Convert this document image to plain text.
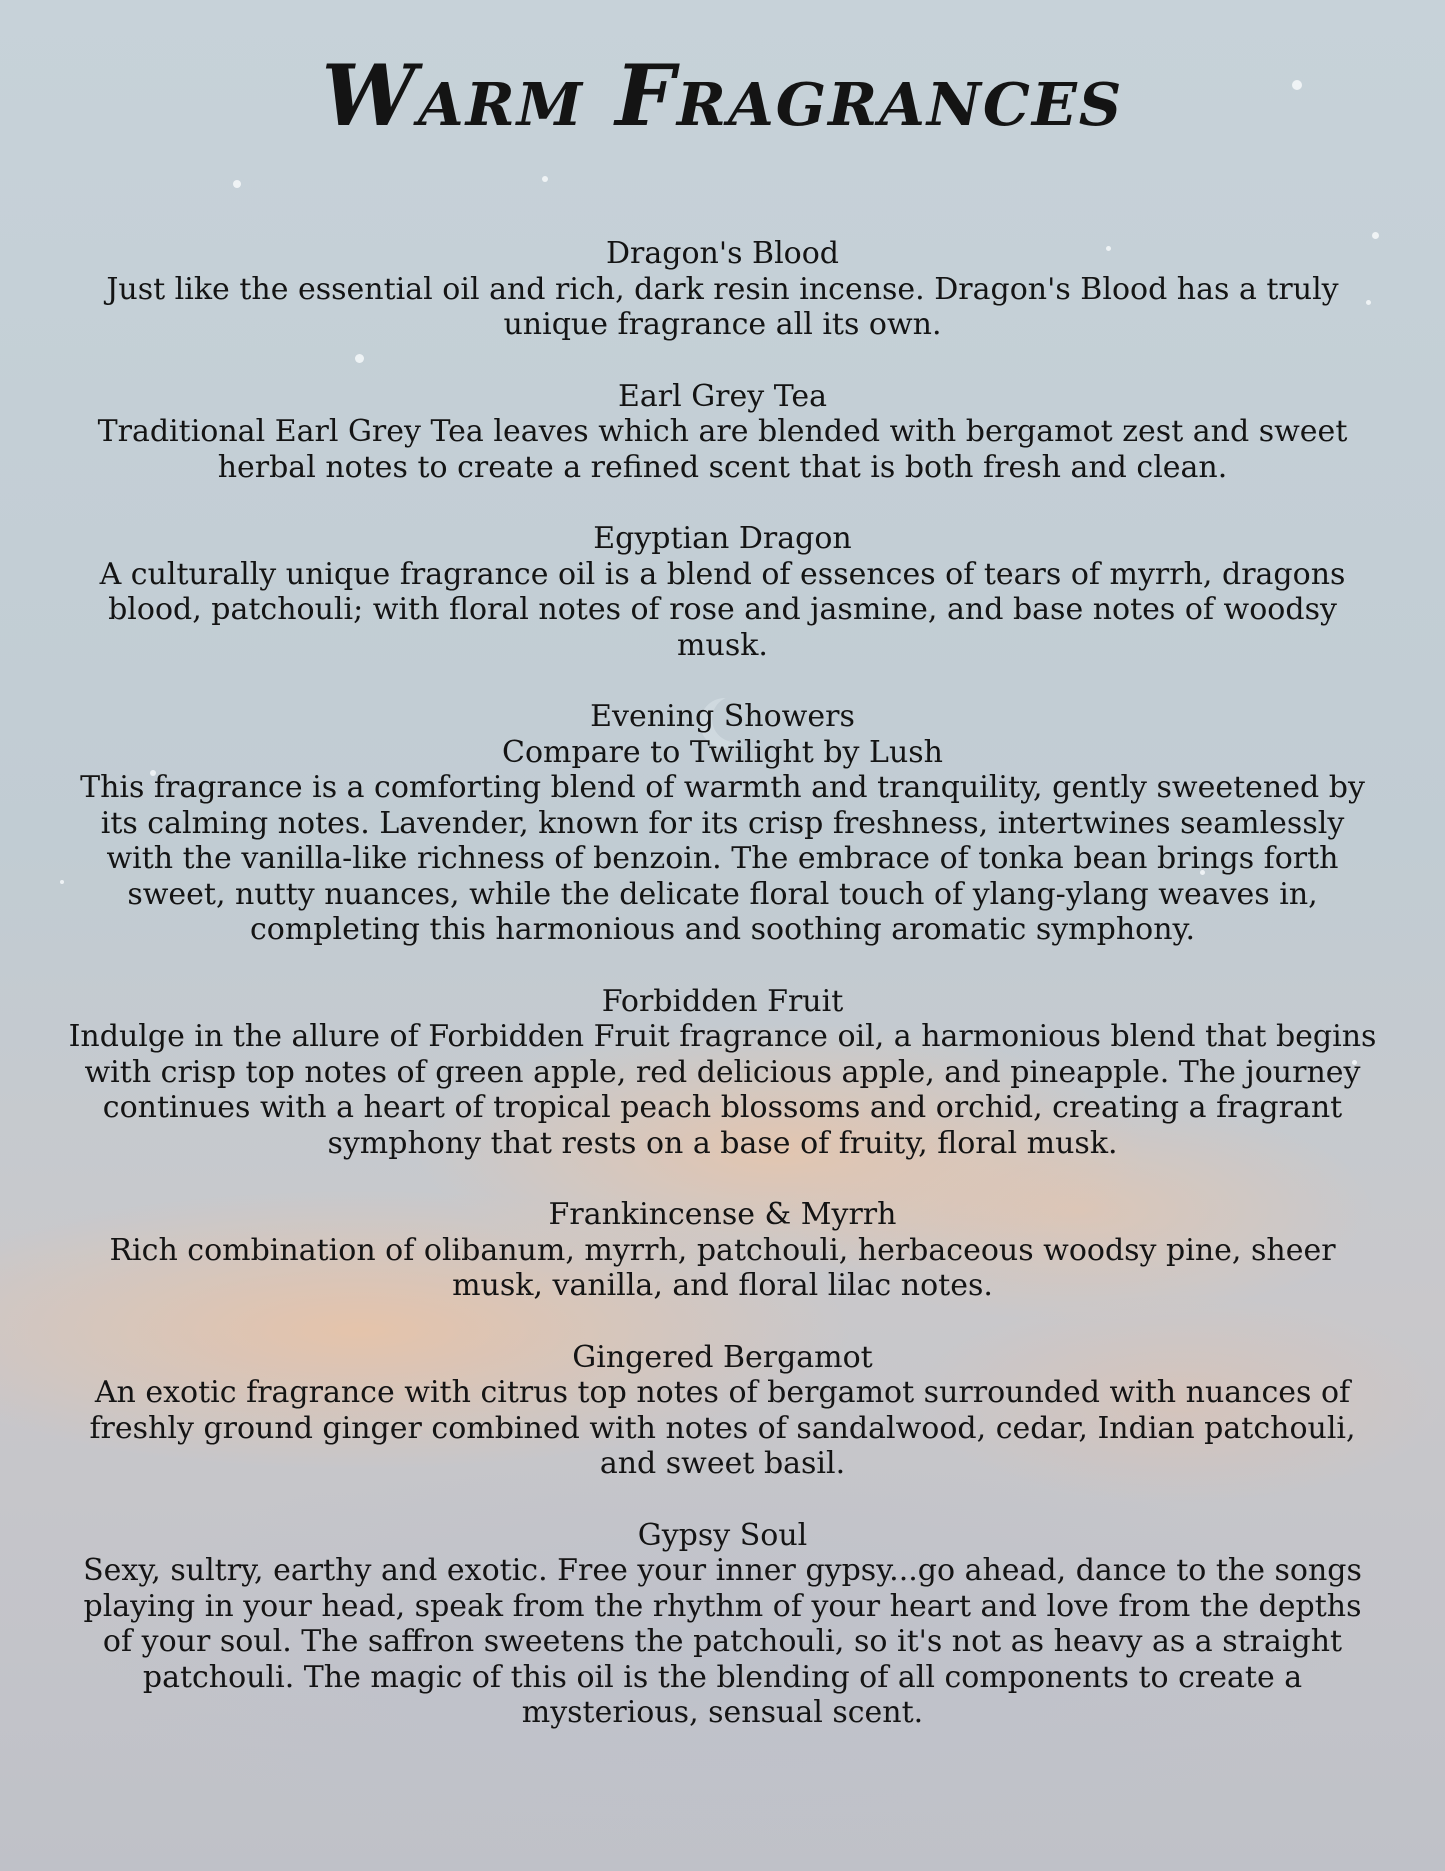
Warm Fragrances
Dragon's Blood
Just like the essential oil and rich, dark resin incense. Dragon's Blood has a truly unique fragrance all its own.
Earl Grey Tea
Traditional Earl Grey Tea leaves which are blended with bergamot zest and sweet herbal notes to create a refined scent that is both fresh and clean.
Egyptian Dragon
A culturally unique fragrance oil is a blend of essences of tears of myrrh, dragons blood, patchouli; with floral notes of rose and jasmine, and base notes of woodsy musk.
Evening Showers
Compare to Twilight by Lush
This fragrance is a comforting blend of warmth and tranquility, gently sweetened by its calming notes. Lavender, known for its crisp freshness, intertwines seamlessly with the vanilla-like richness of benzoin. The embrace of tonka bean brings forth sweet, nutty nuances, while the delicate floral touch of ylang-ylang weaves in, completing this harmonious and soothing aromatic symphony.
Forbidden Fruit
Indulge in the allure of Forbidden Fruit fragrance oil, a harmonious blend that begins with crisp top notes of green apple, red delicious apple, and pineapple. The journey continues with a heart of tropical peach blossoms and orchid, creating a fragrant symphony that rests on a base of fruity, floral musk.
Frankincense & Myrrh
Rich combination of olibanum, myrrh, patchouli, herbaceous woodsy pine, sheer musk, vanilla, and floral lilac notes.
Gingered Bergamot
An exotic fragrance with citrus top notes of bergamot surrounded with nuances of freshly ground ginger combined with notes of sandalwood, cedar, Indian patchouli, and sweet basil.
Gypsy Soul
Sexy, sultry, earthy and exotic. Free your inner gypsy...go ahead, dance to the songs playing in your head, speak from the rhythm of your heart and love from the depths of your soul. The saffron sweetens the patchouli, so it's not as heavy as a straight patchouli. The magic of this oil is the blending of all components to create a mysterious, sensual scent.
